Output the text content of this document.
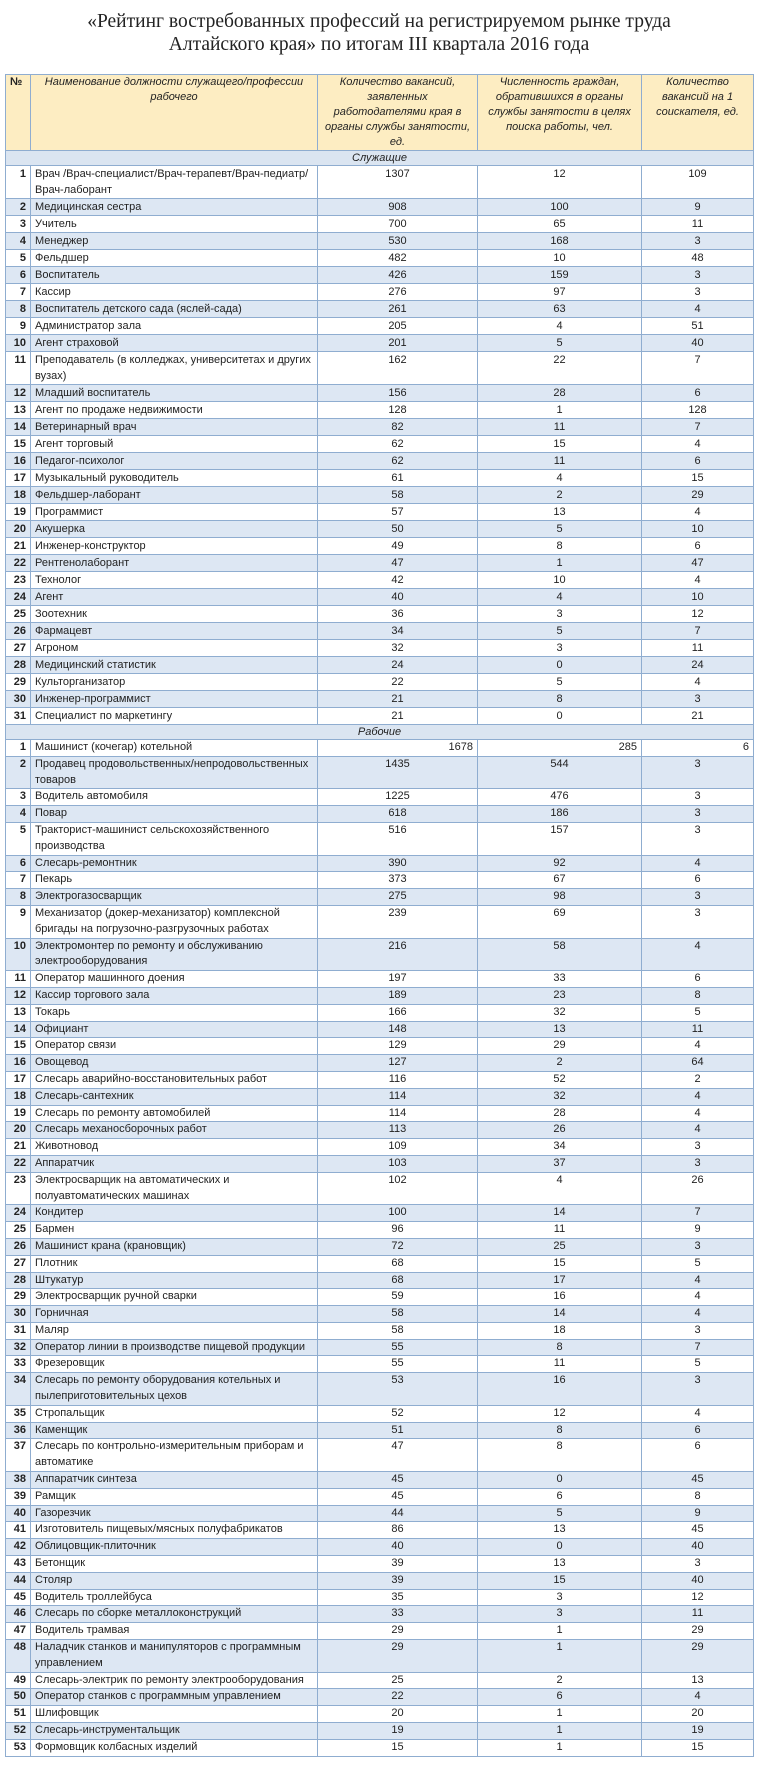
«Рейтинг востребованных профессий на регистрируемом рынке труда
Алтайского края» по итогам III квартала 2016 года
№	Наименование должности служащего/профессии рабочего	Количество вакансий, заявленных работодателями края в органы службы занятости, ед.	Численность граждан, обратившихся в органы службы занятости в целях поиска работы, чел.	Количество вакансий на 1 соискателя, ед.
Служащие				
1	Врач /Врач-специалист/Врач-терапевт/Врач-педиатр/Врач-лаборант	1307	12	109
2	Медицинская сестра	908	100	9
3	Учитель	700	65	11
4	Менеджер	530	168	3
5	Фельдшер	482	10	48
6	Воспитатель	426	159	3
7	Кассир	276	97	3
8	Воспитатель детского сада (яслей-сада)	261	63	4
9	Администратор зала	205	4	51
10	Агент страховой	201	5	40
11	Преподаватель (в колледжах, университетах и других вузах)	162	22	7
12	Младший воспитатель	156	28	6
13	Агент по продаже недвижимости	128	1	128
14	Ветеринарный врач	82	11	7
15	Агент торговый	62	15	4
16	Педагог-психолог	62	11	6
17	Музыкальный руководитель	61	4	15
18	Фельдшер-лаборант	58	2	29
19	Программист	57	13	4
20	Акушерка	50	5	10
21	Инженер-конструктор	49	8	6
22	Рентгенолаборант	47	1	47
23	Технолог	42	10	4
24	Агент	40	4	10
25	Зоотехник	36	3	12
26	Фармацевт	34	5	7
27	Агроном	32	3	11
28	Медицинский статистик	24	0	24
29	Культорганизатор	22	5	4
30	Инженер-программист	21	8	3
31	Специалист по маркетингу	21	0	21
Рабочие				
1	Машинист (кочегар) котельной	1678	285	6
2	Продавец продовольственных/непродовольственных товаров	1435	544	3
3	Водитель автомобиля	1225	476	3
4	Повар	618	186	3
5	Тракторист-машинист сельскохозяйственного производства	516	157	3
6	Слесарь-ремонтник	390	92	4
7	Пекарь	373	67	6
8	Электрогазосварщик	275	98	3
9	Механизатор (докер-механизатор) комплексной бригады на погрузочно-разгрузочных работах	239	69	3
10	Электромонтер по ремонту и обслуживанию электрооборудования	216	58	4
11	Оператор машинного доения	197	33	6
12	Кассир торгового зала	189	23	8
13	Токарь	166	32	5
14	Официант	148	13	11
15	Оператор связи	129	29	4
16	Овощевод	127	2	64
17	Слесарь аварийно-восстановительных работ	116	52	2
18	Слесарь-сантехник	114	32	4
19	Слесарь по ремонту автомобилей	114	28	4
20	Слесарь механосборочных работ	113	26	4
21	Животновод	109	34	3
22	Аппаратчик	103	37	3
23	Электросварщик на автоматических и полуавтоматических машинах	102	4	26
24	Кондитер	100	14	7
25	Бармен	96	11	9
26	Машинист крана (крановщик)	72	25	3
27	Плотник	68	15	5
28	Штукатур	68	17	4
29	Электросварщик ручной сварки	59	16	4
30	Горничная	58	14	4
31	Маляр	58	18	3
32	Оператор линии в производстве пищевой продукции	55	8	7
33	Фрезеровщик	55	11	5
34	Слесарь по ремонту оборудования котельных и пылеприготовительных цехов	53	16	3
35	Стропальщик	52	12	4
36	Каменщик	51	8	6
37	Слесарь по контрольно-измерительным приборам и автоматике	47	8	6
38	Аппаратчик синтеза	45	0	45
39	Рамщик	45	6	8
40	Газорезчик	44	5	9
41	Изготовитель пищевых/мясных полуфабрикатов	86	13	45
42	Облицовщик-плиточник	40	0	40
43	Бетонщик	39	13	3
44	Столяр	39	15	40
45	Водитель троллейбуса	35	3	12
46	Слесарь по сборке металлоконструкций	33	3	11
47	Водитель трамвая	29	1	29
48	Наладчик станков и манипуляторов с программным управлением	29	1	29
49	Слесарь-электрик по ремонту электрооборудования	25	2	13
50	Оператор станков с программным управлением	22	6	4
51	Шлифовщик	20	1	20
52	Слесарь-инструментальщик	19	1	19
53	Формовщик колбасных изделий	15	1	15
